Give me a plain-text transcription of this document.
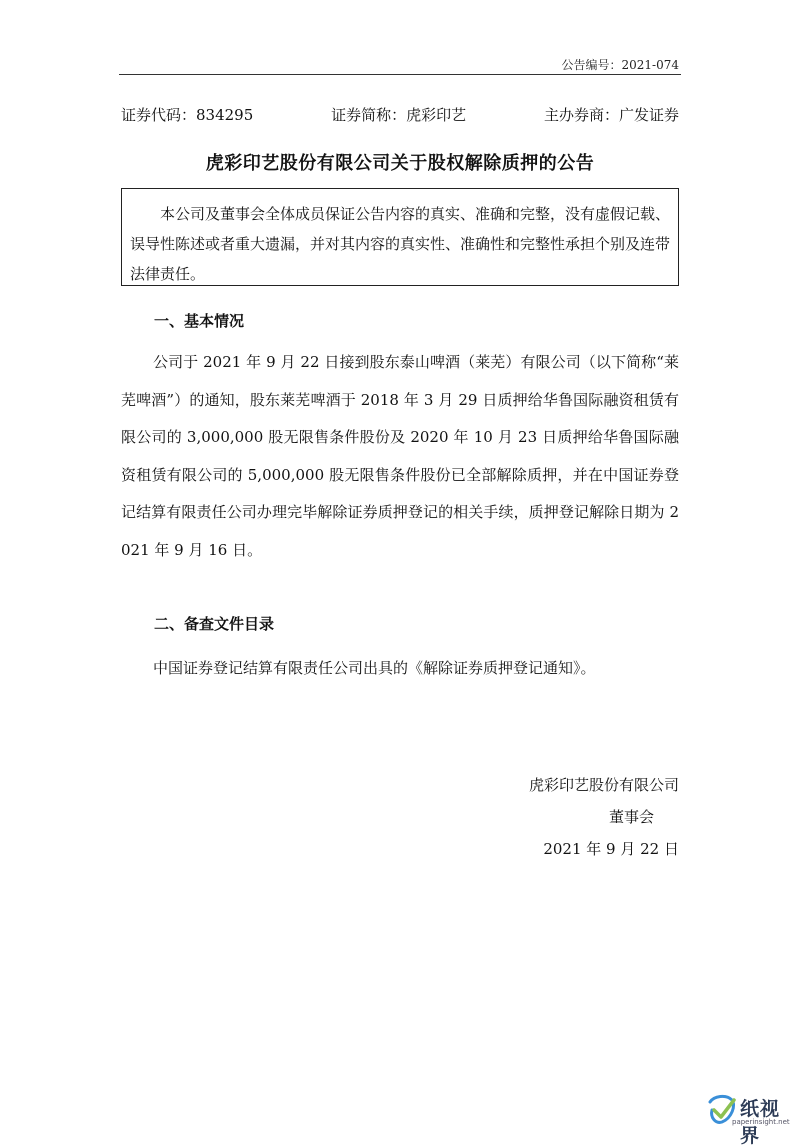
公告编号：2021-074
证券代码：834295	证券简称：虎彩印艺	主办券商：广发证券
虎彩印艺股份有限公司关于股权解除质押的公告
本公司及董事会全体成员保证公告内容的真实、准确和完整，没有虚假记载、误导性陈述或者重大遗漏，并对其内容的真实性、准确性和完整性承担个别及连带法律责任。
一、基本情况
公司于 2021 年 9 月 22 日接到股东泰山啤酒（莱芜）有限公司（以下简称“莱芜啤酒”）的通知，股东莱芜啤酒于 2018 年 3 月 29 日质押给华鲁国际融资租赁有限公司的 3,000,000 股无限售条件股份及 2020 年 10 月 23 日质押给华鲁国际融资租赁有限公司的 5,000,000 股无限售条件股份已全部解除质押，并在中国证券登记结算有限责任公司办理完毕解除证券质押登记的相关手续，质押登记解除日期为 2021 年 9 月 16 日。
二、备查文件目录
中国证券登记结算有限责任公司出具的《解除证券质押登记通知》。
虎彩印艺股份有限公司
董事会
2021 年 9 月 22 日
纸视界
paperinsight.net
